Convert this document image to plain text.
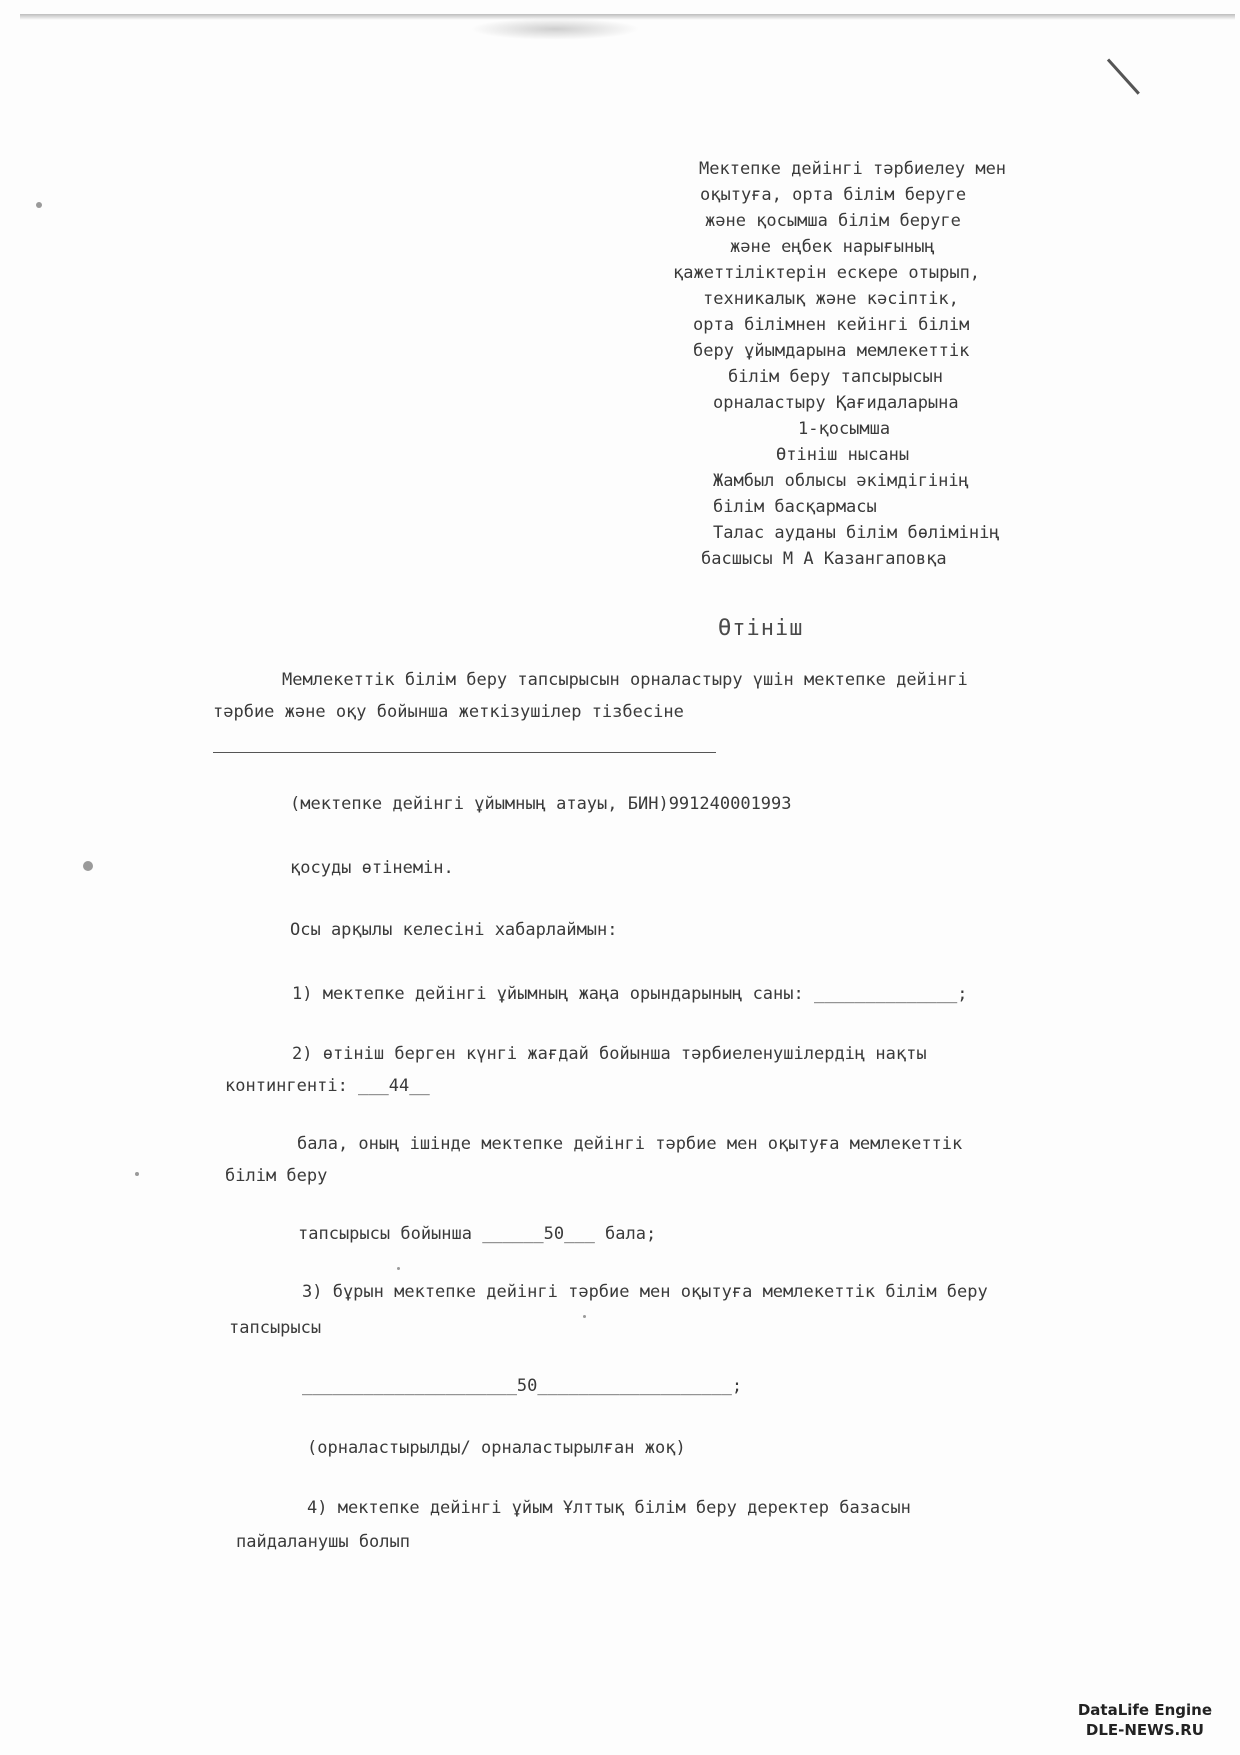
Мектепке дейінгі тәрбиелеу мен
оқытуға, орта білім беруге
және қосымша білім беруге
және еңбек нарығының
қажеттіліктерін ескере отырып,
техникалық және кәсіптік,
орта білімнен кейінгі білім
беру ұйымдарына мемлекеттік
білім беру тапсырысын
орналастыру Қағидаларына
1-қосымша
Өтініш нысаны
Жамбыл облысы әкімдігінің
білім басқармасы
Талас ауданы білім бөлімінің
басшысы М А Казангаповқа
Өтініш
Мемлекеттік білім беру тапсырысын орналастыру үшін мектепке дейінгі
тәрбие және оқу бойынша жеткізушілер тізбесіне
(мектепке дейінгі ұйымның атауы, БИН)991240001993
қосуды өтінемін.
Осы арқылы келесіні хабарлаймын:
1) мектепке дейінгі ұйымның жаңа орындарының саны: ______________;
2) өтініш берген күнгі жағдай бойынша тәрбиеленушілердің нақты
контингенті: ___44__
бала, оның ішінде мектепке дейінгі тәрбие мен оқытуға мемлекеттік
білім беру
тапсырысы бойынша ______50___ бала;
3) бұрын мектепке дейінгі тәрбие мен оқытуға мемлекеттік білім беру
тапсырысы
_____________________50___________________;
(орналастырылды/ орналастырылған жоқ)
4) мектепке дейінгі ұйым Ұлттық білім беру деректер базасын
пайдаланушы болып
DataLife Engine
DLE-NEWS.RU
